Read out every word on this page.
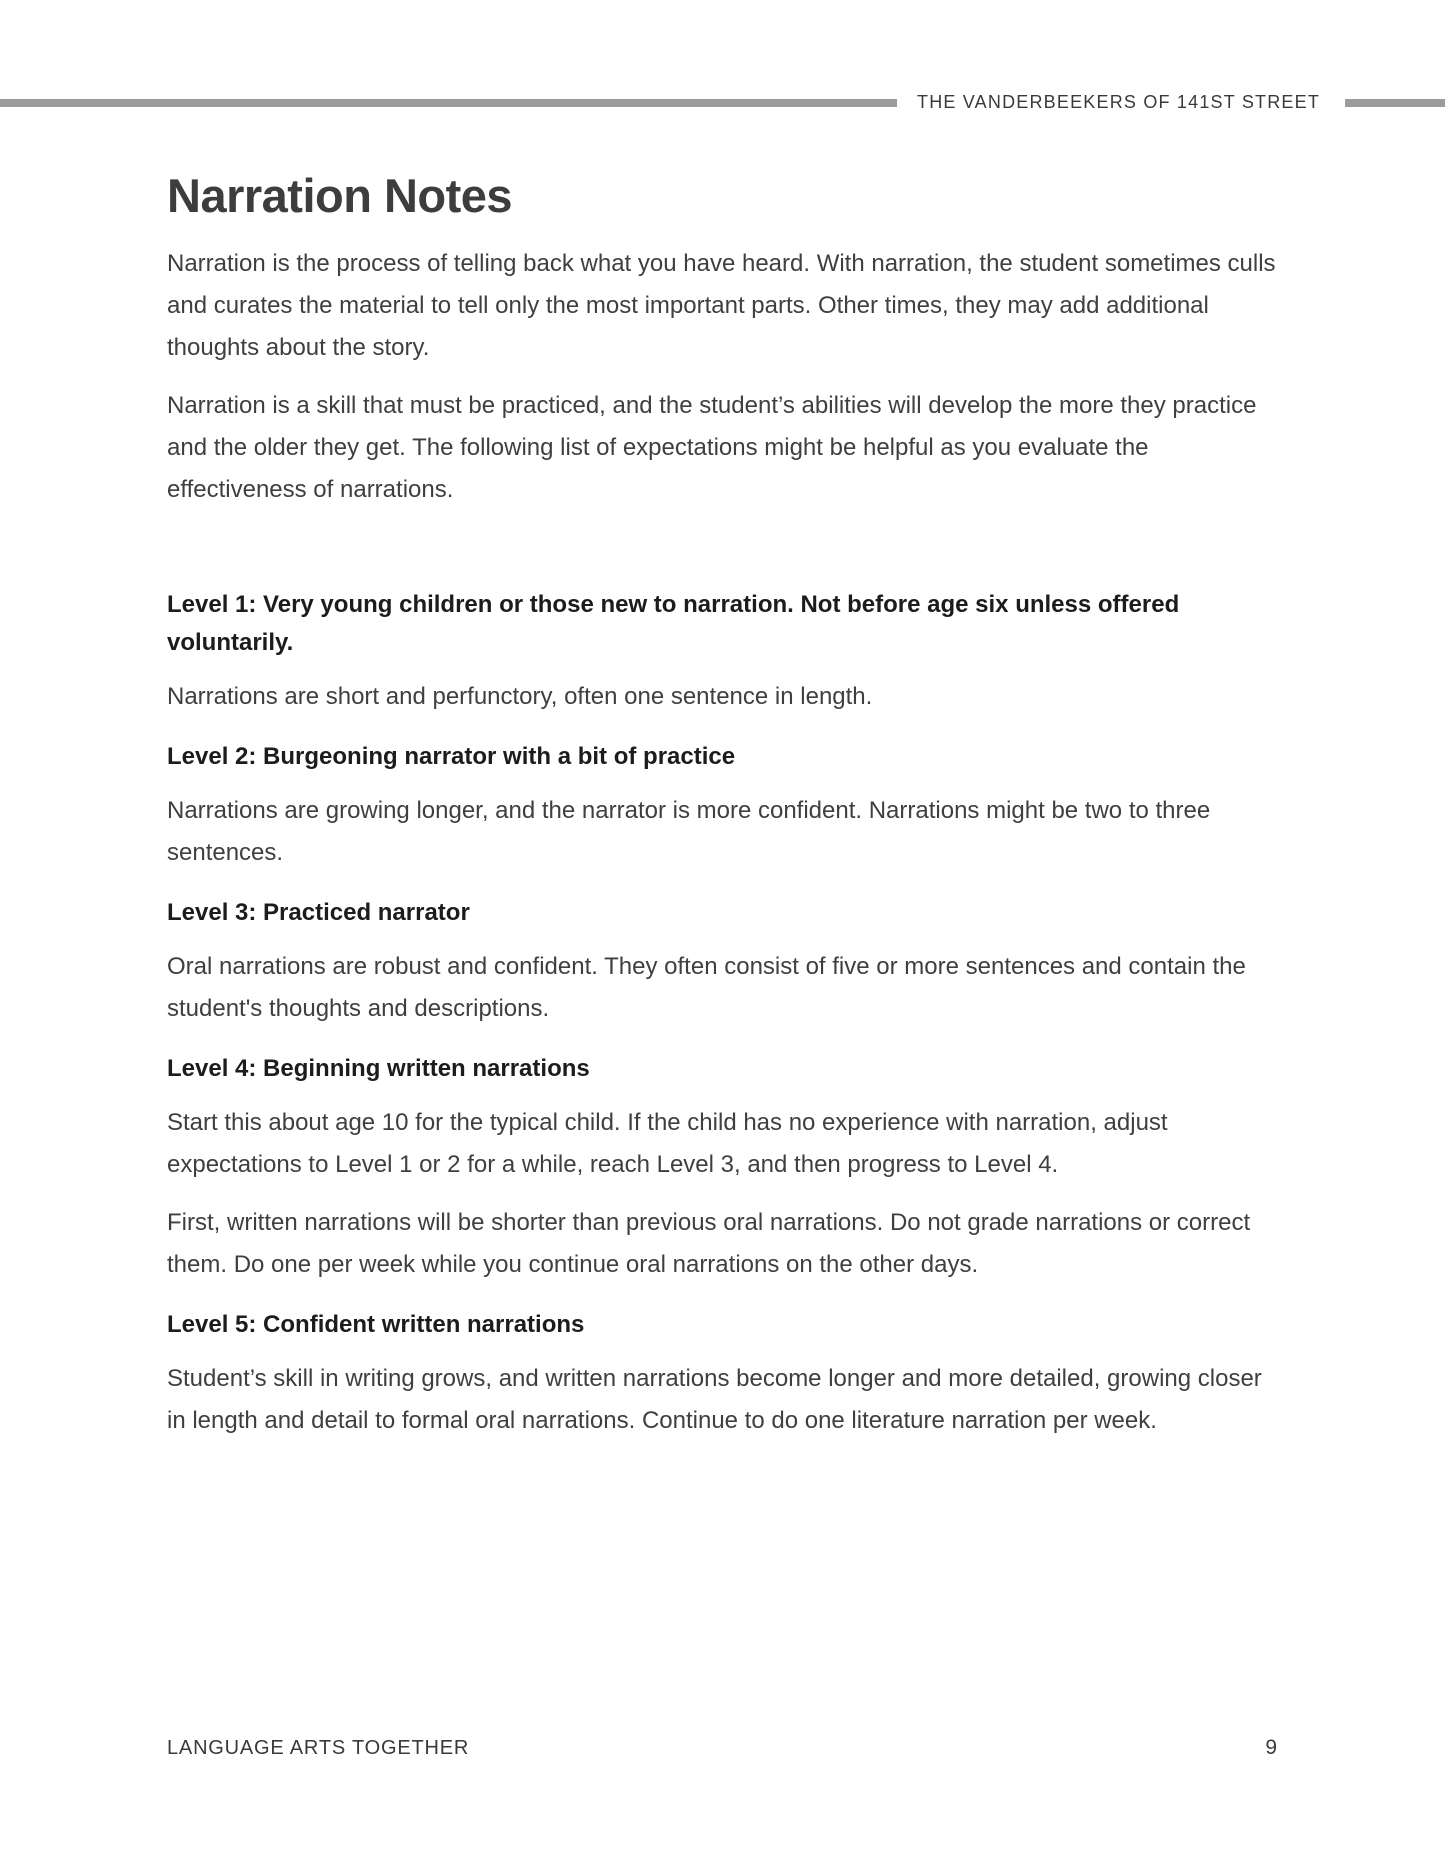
THE VANDERBEEKERS OF 141ST STREET
Narration Notes

Narration is the process of telling back what you have heard. With narration, the student sometimes culls and curates the material to tell only the most important parts. Other times, they may add additional thoughts about the story.

Narration is a skill that must be practiced, and the student’s abilities will develop the more they practice and the older they get. The following list of expectations might be helpful as you evaluate the effectiveness of narrations.

Level 1: Very young children or those new to narration. Not before age six unless offered voluntarily.

Narrations are short and perfunctory, often one sentence in length.

Level 2: Burgeoning narrator with a bit of practice

Narrations are growing longer, and the narrator is more confident. Narrations might be two to three sentences.

Level 3: Practiced narrator

Oral narrations are robust and confident. They often consist of five or more sentences and contain the student's thoughts and descriptions.

Level 4: Beginning written narrations

Start this about age 10 for the typical child. If the child has no experience with narration, adjust expectations to Level 1 or 2 for a while, reach Level 3, and then progress to Level 4.

First, written narrations will be shorter than previous oral narrations. Do not grade narrations or correct them. Do one per week while you continue oral narrations on the other days.

Level 5: Confident written narrations

Student’s skill in writing grows, and written narrations become longer and more detailed, growing closer in length and detail to formal oral narrations. Continue to do one literature narration per week.

LANGUAGE ARTS TOGETHER	9
